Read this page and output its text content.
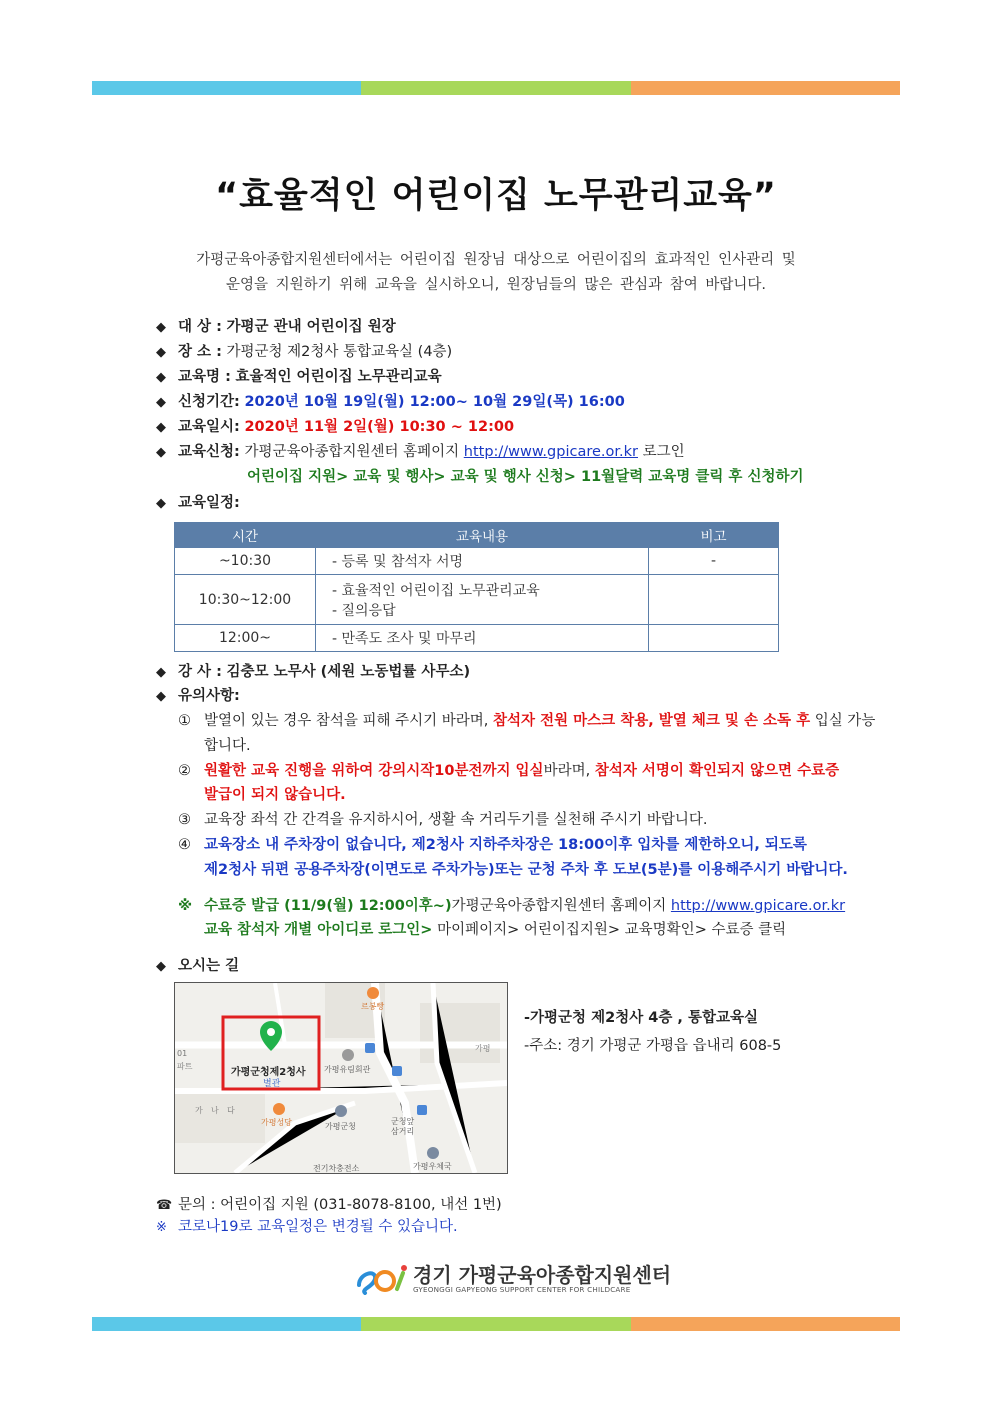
“효율적인 어린이집 노무관리교육”
가평군육아종합지원센터에서는 어린이집 원장님 대상으로 어린이집의 효과적인 인사관리 및
운영을 지원하기 위해 교육을 실시하오니, 원장님들의 많은 관심과 참여 바랍니다.
◆ 대 상 : 가평군 관내 어린이집 원장
◆ 장 소 : 가평군청 제2청사 통합교육실 (4층)
◆ 교육명 : 효율적인 어린이집 노무관리교육
◆ 신청기간: 2020년 10월 19일(월) 12:00~ 10월 29일(목) 16:00
◆ 교육일시: 2020년 11월 2일(월) 10:30 ~ 12:00
◆ 교육신청: 가평군육아종합지원센터 홈페이지 http://www.gpicare.or.kr 로그인
어린이집 지원> 교육 및 행사> 교육 및 행사 신청> 11월달력 교육명 클릭 후 신청하기
◆ 교육일정:
시간	교육내용	비고
~10:30	- 등록 및 참석자 서명	-
10:30~12:00	- 효율적인 어린이집 노무관리교육
- 질의응답	

12:00~	- 만족도 조사 및 마무리	

◆ 강 사 : 김충모 노무사 (세원 노동법률 사무소)
◆ 유의사항:
① 발열이 있는 경우 참석을 피해 주시기 바라며, 참석자 전원 마스크 착용, 발열 체크 및 손 소독 후 입실 가능
합니다.
② 원활한 교육 진행을 위하여 강의시작10분전까지 입실바라며, 참석자 서명이 확인되지 않으면 수료증
발급이 되지 않습니다.
③ 교육장 좌석 간 간격을 유지하시어, 생활 속 거리두기를 실천해 주시기 바랍니다.
④ 교육장소 내 주차장이 없습니다, 제2청사 지하주차장은 18:00이후 입차를 제한하오니, 되도록
제2청사 뒤편 공용주차장(이면도로 주차가능)또는 군청 주차 후 도보(5분)를 이용해주시기 바랍니다.
※ 수료증 발급 (11/9(월) 12:00이후~)가평군육아종합지원센터 홈페이지 http://www.gpicare.or.kr
교육 참석자 개별 아이디로 로그인> 마이페이지> 어린이집지원> 교육명확인> 수료증 클릭
◆ 오시는 길
가평군청제2청사
별관
르봉빵
가평유림회관
가평성당	가평군청
군청앞 삼거리
전기차충전소	가평우체국
가 나 다
01
파트
가평
-가평군청 제2청사 4층 , 통합교육실
-주소: 경기 가평군 가평읍 읍내리 608-5
☎ 문의 : 어린이집 지원 (031-8078-8100, 내선 1번)
※ 코로나19로 교육일정은 변경될 수 있습니다.
경기 가평군육아종합지원센터
GYEONGGI GAPYEONG SUPPORT CENTER FOR CHILDCARE
